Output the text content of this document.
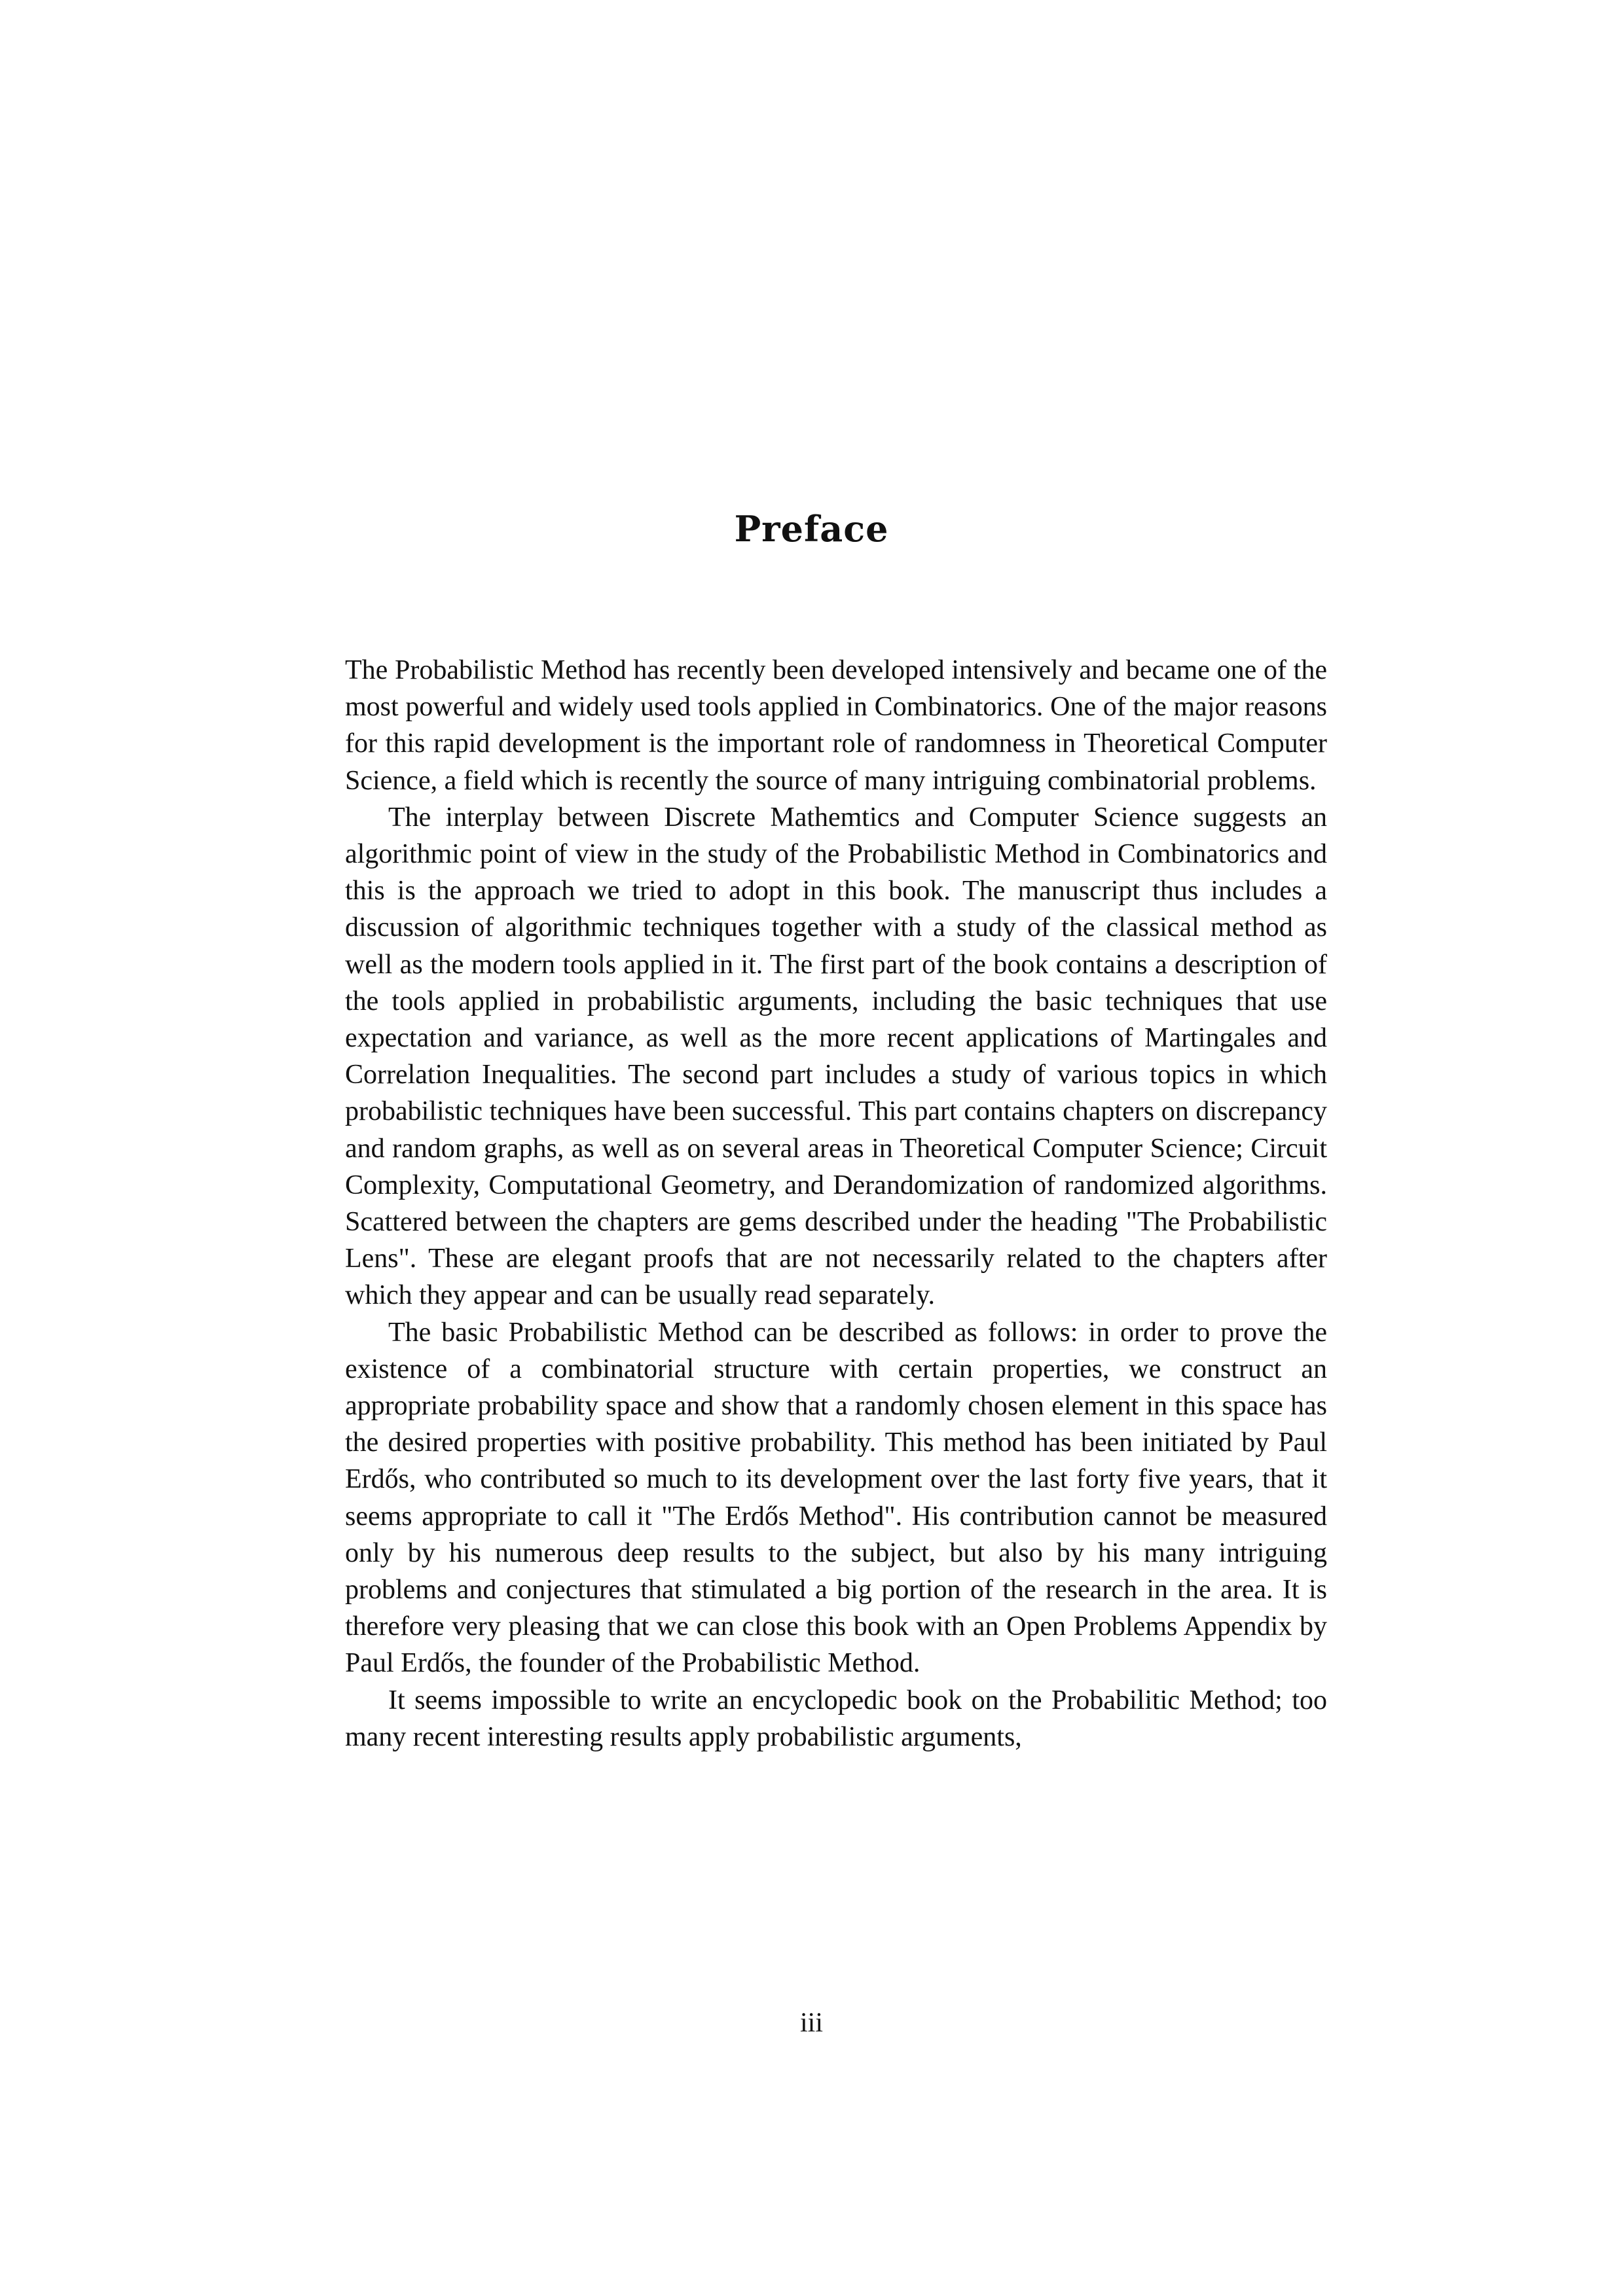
Preface

The Probabilistic Method has recently been developed intensively and became one of the most powerful and widely used tools applied in Combinatorics. One of the major reasons for this rapid development is the important role of randomness in Theoretical Computer Science, a field which is recently the source of many intriguing combinatorial problems.

The interplay between Discrete Mathemtics and Computer Science suggests an algorithmic point of view in the study of the Probabilistic Method in Combinatorics and this is the approach we tried to adopt in this book. The manuscript thus includes a discussion of algorithmic techniques together with a study of the classical method as well as the modern tools applied in it. The first part of the book contains a description of the tools applied in probabilistic arguments, including the basic techniques that use expectation and variance, as well as the more recent applications of Martingales and Correlation Inequalities. The second part includes a study of various topics in which probabilistic techniques have been successful. This part contains chapters on discrepancy and random graphs, as well as on several areas in Theoretical Computer Science; Circuit Complexity, Computational Geometry, and Derandomization of randomized algorithms. Scattered between the chapters are gems described under the heading "The Probabilistic Lens". These are elegant proofs that are not necessarily related to the chapters after which they appear and can be usually read separately.

The basic Probabilistic Method can be described as follows: in order to prove the existence of a combinatorial structure with certain properties, we construct an appropriate probability space and show that a randomly chosen element in this space has the desired properties with positive probability. This method has been initiated by Paul Erdős, who contributed so much to its development over the last forty five years, that it seems appropriate to call it "The Erdős Method". His contribution cannot be measured only by his numerous deep results to the subject, but also by his many intriguing problems and conjectures that stimulated a big portion of the research in the area. It is therefore very pleasing that we can close this book with an Open Problems Appendix by Paul Erdős, the founder of the Probabilistic Method.

It seems impossible to write an encyclopedic book on the Probabilitic Method; too many recent interesting results apply probabilistic arguments,

iii
